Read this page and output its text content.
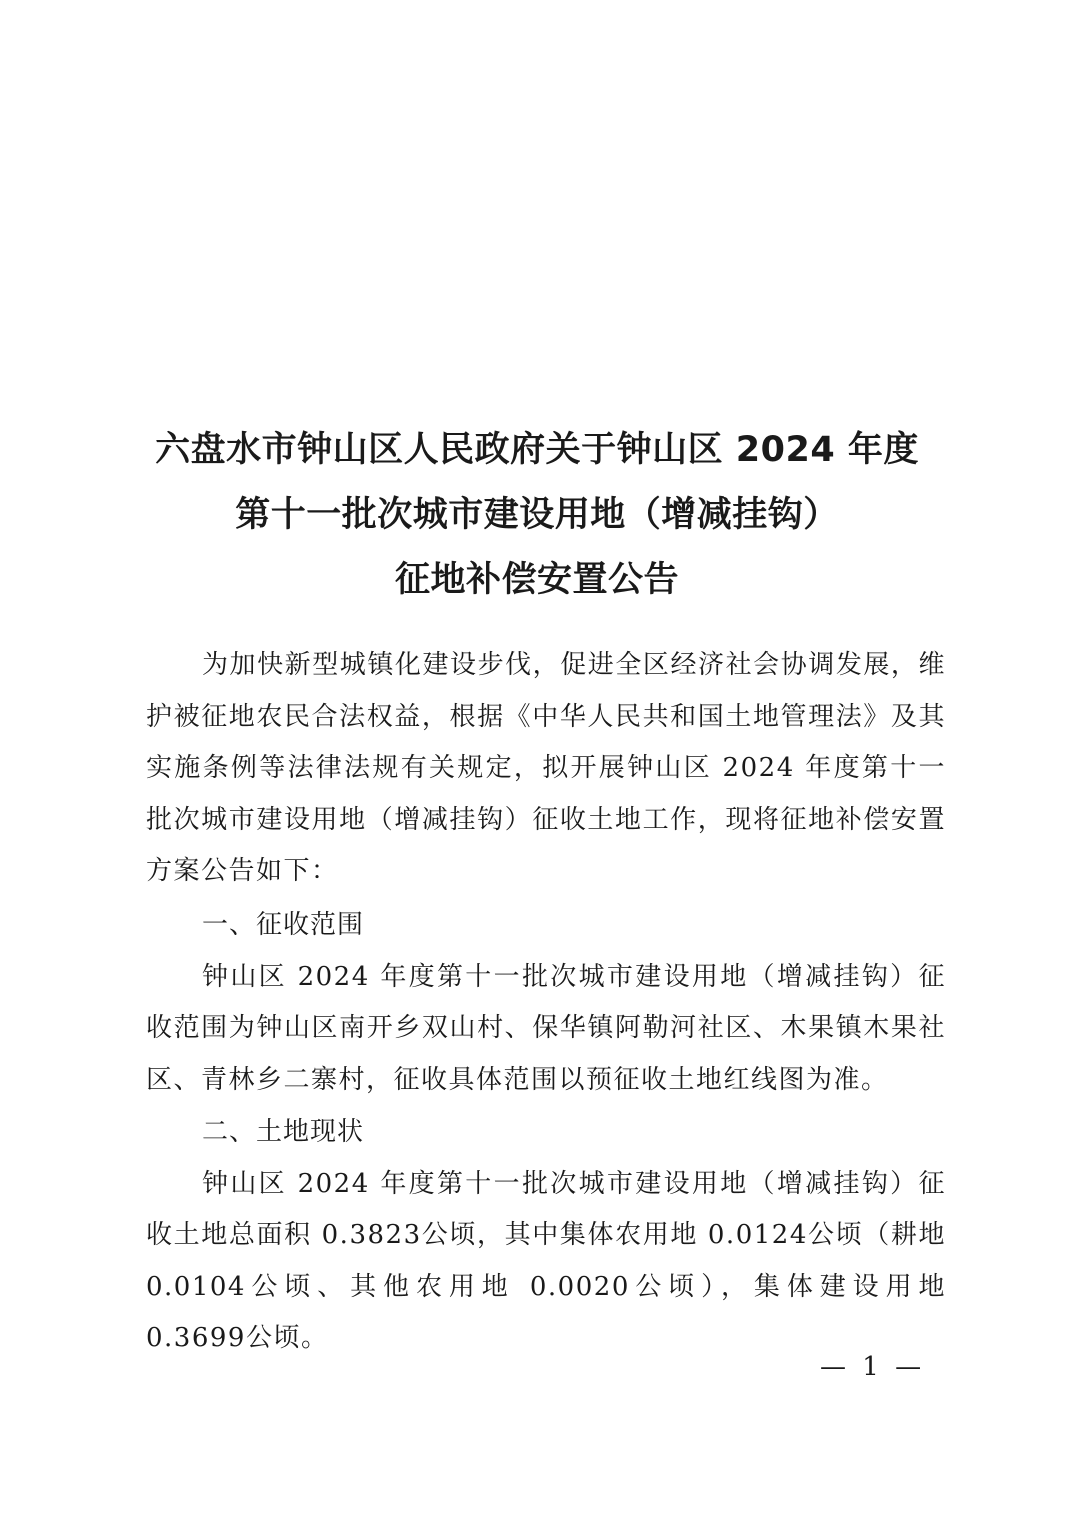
六盘水市钟山区人民政府关于钟山区 2024 年度
第十一批次城市建设用地（增减挂钩）
征地补偿安置公告

为加快新型城镇化建设步伐，促进全区经济社会协调发展，维护被征地农民合法权益，根据《中华人民共和国土地管理法》及其实施条例等法律法规有关规定，拟开展钟山区 2024 年度第十一批次城市建设用地（增减挂钩）征收土地工作，现将征地补偿安置方案公告如下：

一、征收范围

钟山区 2024 年度第十一批次城市建设用地（增减挂钩）征收范围为钟山区南开乡双山村、保华镇阿勒河社区、木果镇木果社区、青林乡二寨村，征收具体范围以预征收土地红线图为准。

二、土地现状

钟山区 2024 年度第十一批次城市建设用地（增减挂钩）征收土地总面积 0.3823公顷，其中集体农用地 0.0124公顷（耕地 0.0104公顷、其他农用地 0.0020公顷），集体建设用地 0.3699公顷。

— 1 —
